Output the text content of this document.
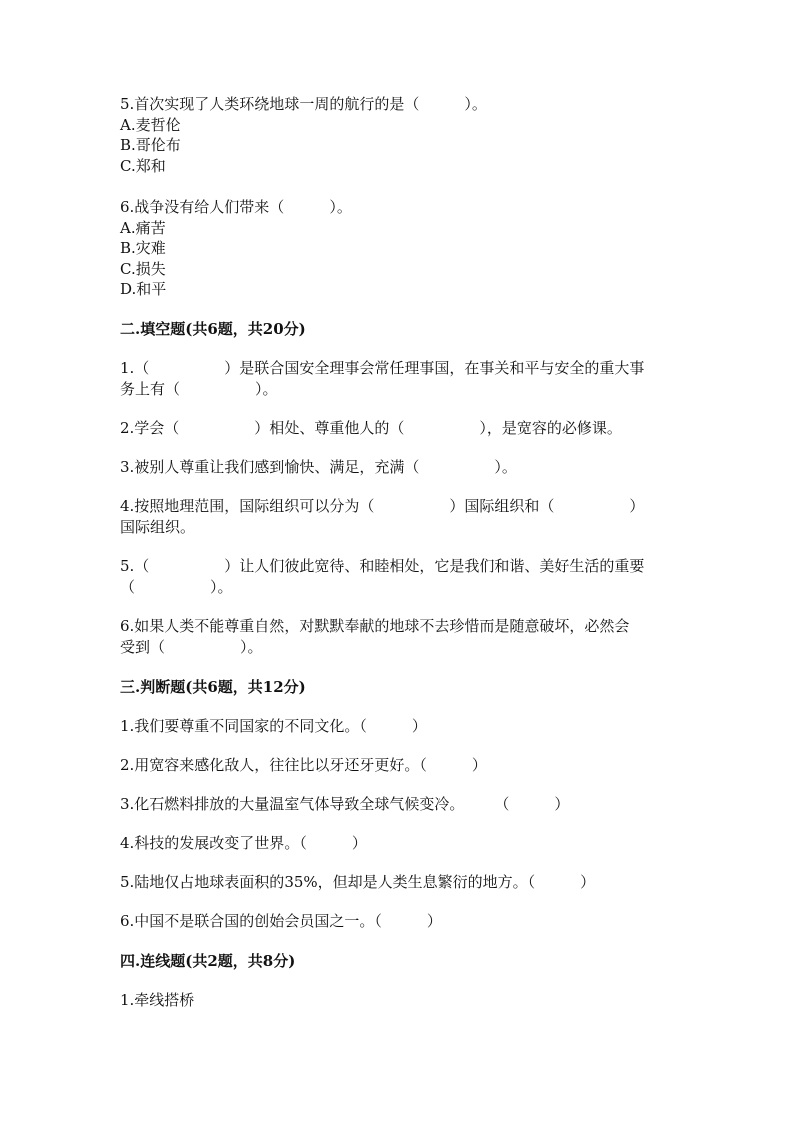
5.首次实现了人类环绕地球一周的航行的是（　　　）。
A.麦哲伦
B.哥伦布
C.郑和
6.战争没有给人们带来（　　　）。
A.痛苦
B.灾难
C.损失
D.和平
二.填空题(共6题，共20分)
1.（　　　　　）是联合国安全理事会常任理事国，在事关和平与安全的重大事
务上有（　　　　　）。
2.学会（　　　　　）相处、尊重他人的（　　　　　），是宽容的必修课。
3.被别人尊重让我们感到愉快、满足，充满（　　　　　）。
4.按照地理范围，国际组织可以分为（　　　　　）国际组织和（　　　　　）
国际组织。
5.（　　　　　）让人们彼此宽待、和睦相处，它是我们和谐、美好生活的重要
（　　　　　）。
6.如果人类不能尊重自然，对默默奉献的地球不去珍惜而是随意破坏，必然会
受到（　　　　　）。
三.判断题(共6题，共12分)
1.我们要尊重不同国家的不同文化。（　　　）
2.用宽容来感化敌人，往往比以牙还牙更好。（　　　）
3.化石燃料排放的大量温室气体导致全球气候变冷。　　　（　　　）
4.科技的发展改变了世界。（　　　）
5.陆地仅占地球表面积的35%，但却是人类生息繁衍的地方。（　　　）
6.中国不是联合国的创始会员国之一。（　　　）
四.连线题(共2题，共8分)
1.牵线搭桥
